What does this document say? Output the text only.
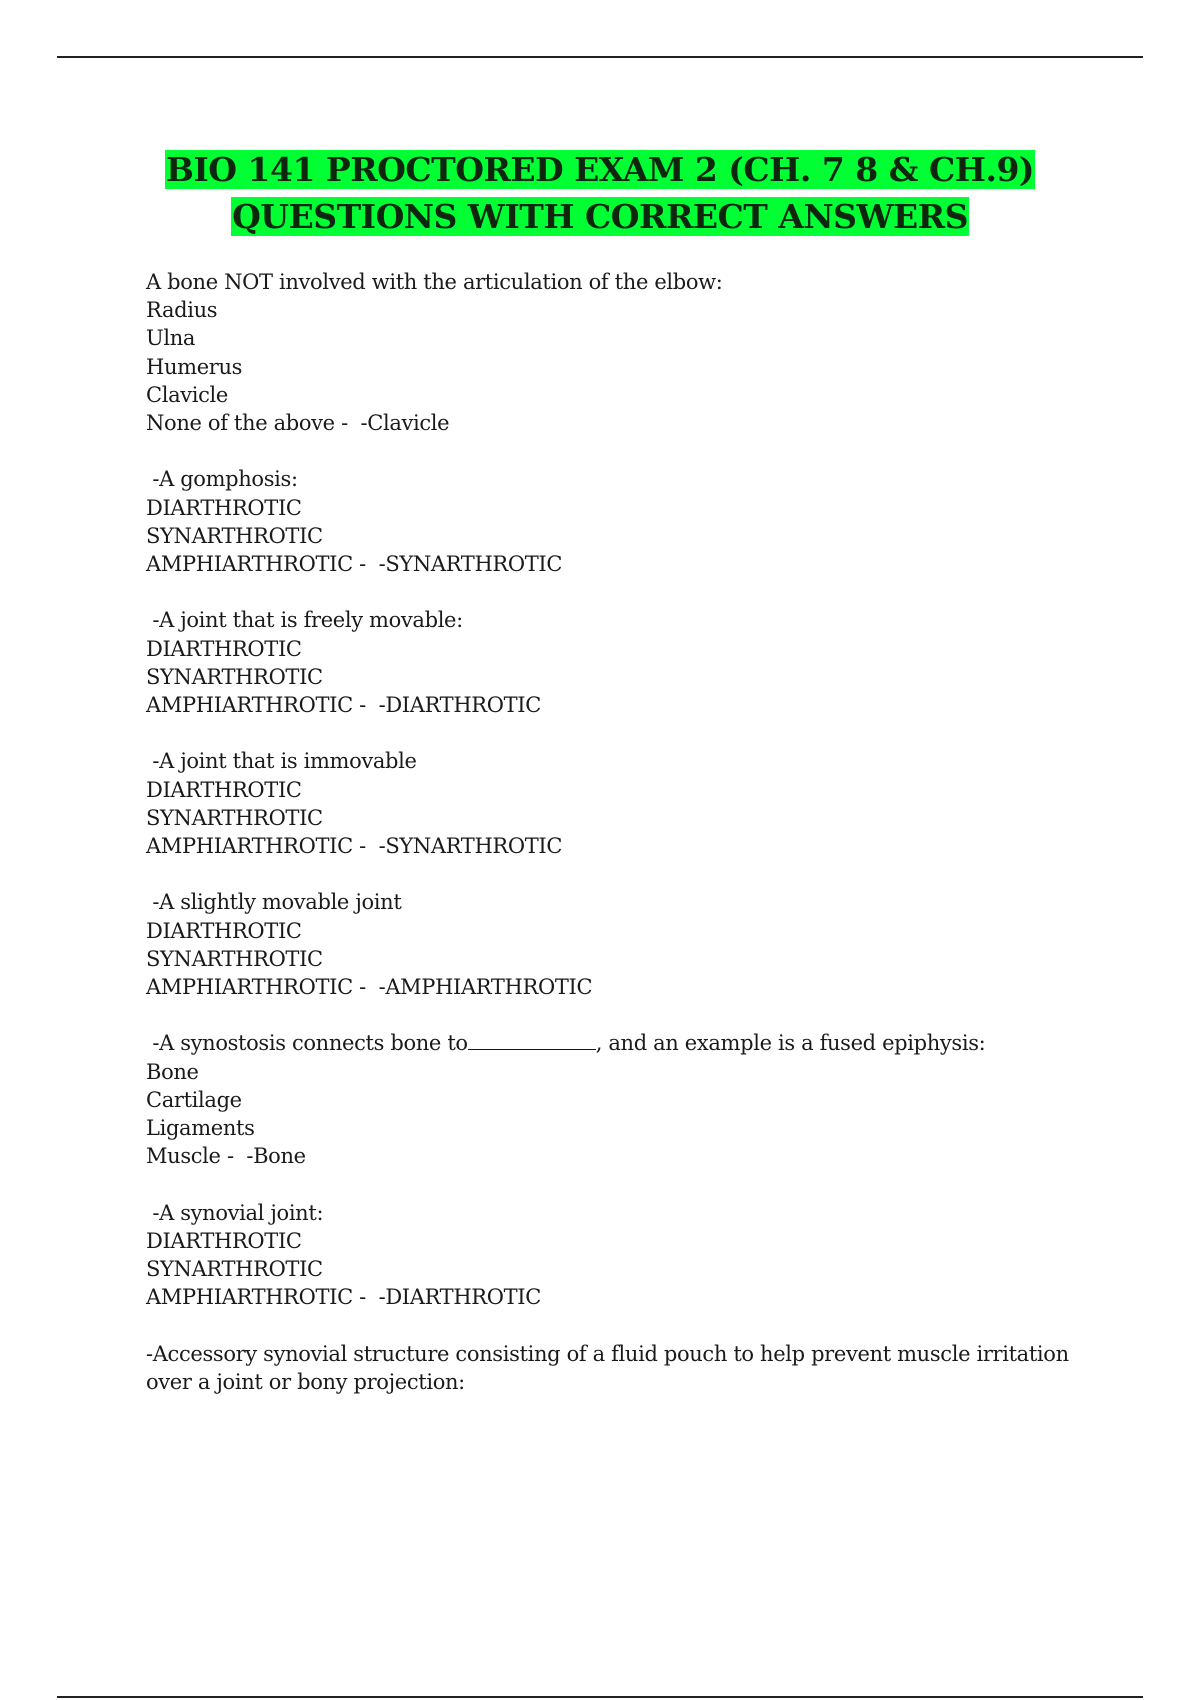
BIO 141 PROCTORED EXAM 2 (CH. 7 8 & CH.9)
QUESTIONS WITH CORRECT ANSWERS
A bone NOT involved with the articulation of the elbow:
Radius
Ulna
Humerus
Clavicle
None of the above -  -Clavicle
-A gomphosis:
DIARTHROTIC
SYNARTHROTIC
AMPHIARTHROTIC -  -SYNARTHROTIC
-A joint that is freely movable:
DIARTHROTIC
SYNARTHROTIC
AMPHIARTHROTIC -  -DIARTHROTIC
-A joint that is immovable
DIARTHROTIC
SYNARTHROTIC
AMPHIARTHROTIC -  -SYNARTHROTIC
-A slightly movable joint
DIARTHROTIC
SYNARTHROTIC
AMPHIARTHROTIC -  -AMPHIARTHROTIC
-A synostosis connects bone to	, and an example is a fused epiphysis:
Bone
Cartilage
Ligaments
Muscle -  -Bone
-A synovial joint:
DIARTHROTIC
SYNARTHROTIC
AMPHIARTHROTIC -  -DIARTHROTIC
-Accessory synovial structure consisting of a fluid pouch to help prevent muscle irritation over a joint or bony projection:
